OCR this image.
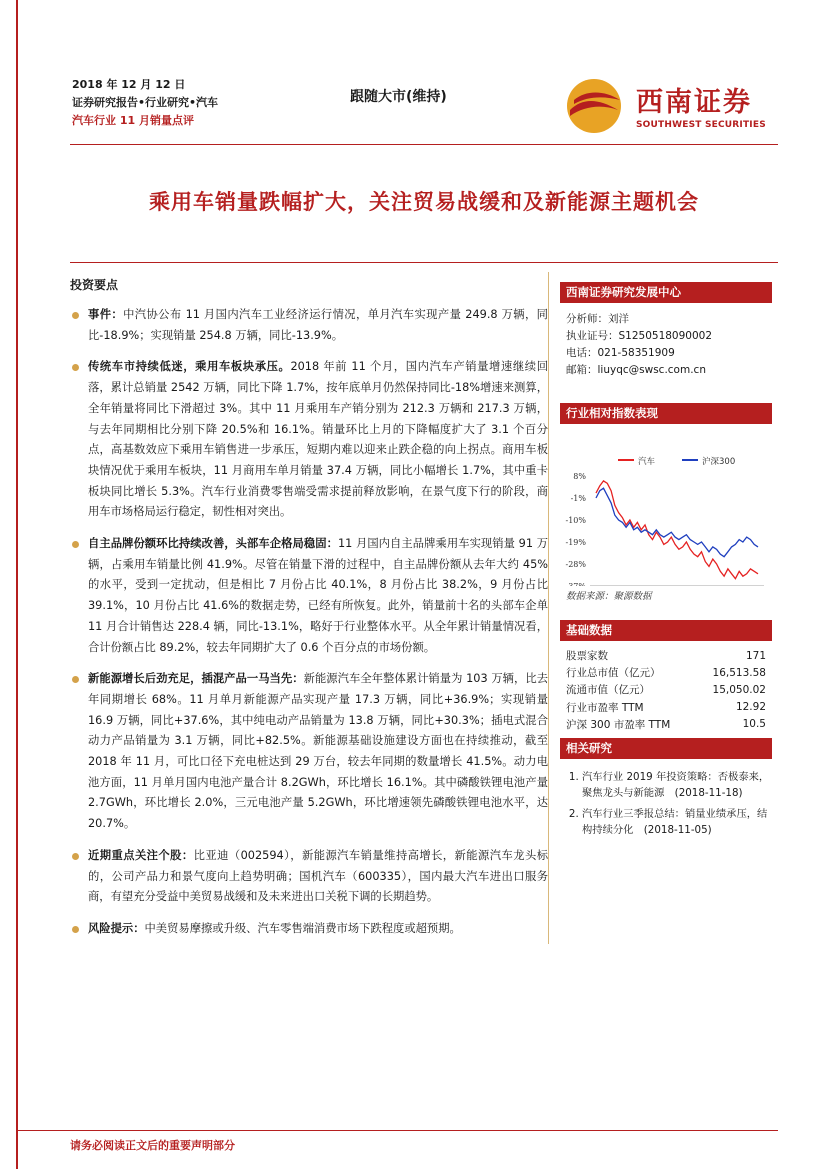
2018 年 12 月 12 日
证券研究报告•行业研究•汽车
汽车行业 11 月销量点评
跟随大市(维持)	西南证券
SOUTHWEST SECURITIES
乘用车销量跌幅扩大，关注贸易战缓和及新能源主题机会
投资要点
事件：中汽协公布 11 月国内汽车工业经济运行情况，单月汽车实现产量 249.8 万辆，同比-18.9%；实现销量 254.8 万辆，同比-13.9%。
传统车市持续低迷，乘用车板块承压。2018 年前 11 个月，国内汽车产销量增速继续回落，累计总销量 2542 万辆，同比下降 1.7%，按年底单月仍然保持同比-18%增速来测算，全年销量将同比下滑超过 3%。其中 11 月乘用车产销分别为 212.3 万辆和 217.3 万辆，与去年同期相比分别下降 20.5%和 16.1%。销量环比上月的下降幅度扩大了 3.1 个百分点，高基数效应下乘用车销售进一步承压，短期内难以迎来止跌企稳的向上拐点。商用车板块情况优于乘用车板块，11 月商用车单月销量 37.4 万辆，同比小幅增长 1.7%，其中重卡板块同比增长 5.3%。汽车行业消费零售端受需求提前释放影响，在景气度下行的阶段，商用车市场格局运行稳定，韧性相对突出。
自主品牌份额环比持续改善，头部车企格局稳固：11 月国内自主品牌乘用车实现销量 91 万辆，占乘用车销量比例 41.9%。尽管在销量下滑的过程中，自主品牌份额从去年大约 45%的水平，受到一定扰动，但是相比 7 月份占比 40.1%，8 月份占比 38.2%，9 月份占比 39.1%，10 月份占比 41.6%的数据走势，已经有所恢复。此外，销量前十名的头部车企单 11 月合计销售达 228.4 辆，同比-13.1%，略好于行业整体水平。从全年累计销量情况看，合计份额占比 89.2%，较去年同期扩大了 0.6 个百分点的市场份额。
新能源增长后劲充足，插混产品一马当先：新能源汽车全年整体累计销量为 103 万辆，比去年同期增长 68%。11 月单月新能源产品实现产量 17.3 万辆，同比+36.9%；实现销量 16.9 万辆，同比+37.6%，其中纯电动产品销量为 13.8 万辆，同比+30.3%；插电式混合动力产品销量为 3.1 万辆，同比+82.5%。新能源基础设施建设方面也在持续推动，截至 2018 年 11 月，可比口径下充电桩达到 29 万台，较去年同期的数量增长 41.5%。动力电池方面，11 月单月国内电池产量合计 8.2GWh，环比增长 16.1%。其中磷酸铁锂电池产量 2.7GWh，环比增长 2.0%，三元电池产量 5.2GWh，环比增速领先磷酸铁锂电池水平，达 20.7%。
近期重点关注个股：比亚迪（002594），新能源汽车销量维持高增长，新能源汽车龙头标的，公司产品力和景气度向上趋势明确；国机汽车（600335），国内最大汽车进出口服务商，有望充分受益中美贸易战缓和及未来进出口关税下调的长期趋势。
风险提示：中美贸易摩擦或升级、汽车零售端消费市场下跌程度或超预期。
西南证券研究发展中心
分析师：刘洋
执业证号：S1250518090002
电话：021-58351909
邮箱：liuyqc@swsc.com.cn
行业相对指数表现
汽车	沪深300
8%
-1%
-10%
-19%
-28%
数据来源：聚源数据
基础数据
股票家数	171
行业总市值（亿元）	16,513.58
流通市值（亿元）	15,050.02
行业市盈率 TTM	12.92
沪深 300 市盈率 TTM	10.5
相关研究
1. 汽车行业 2019 年投资策略：否极泰来，聚焦龙头与新能源　(2018-11-18)
2. 汽车行业三季报总结：销量业绩承压，结构持续分化　(2018-11-05)
请务必阅读正文后的重要声明部分
